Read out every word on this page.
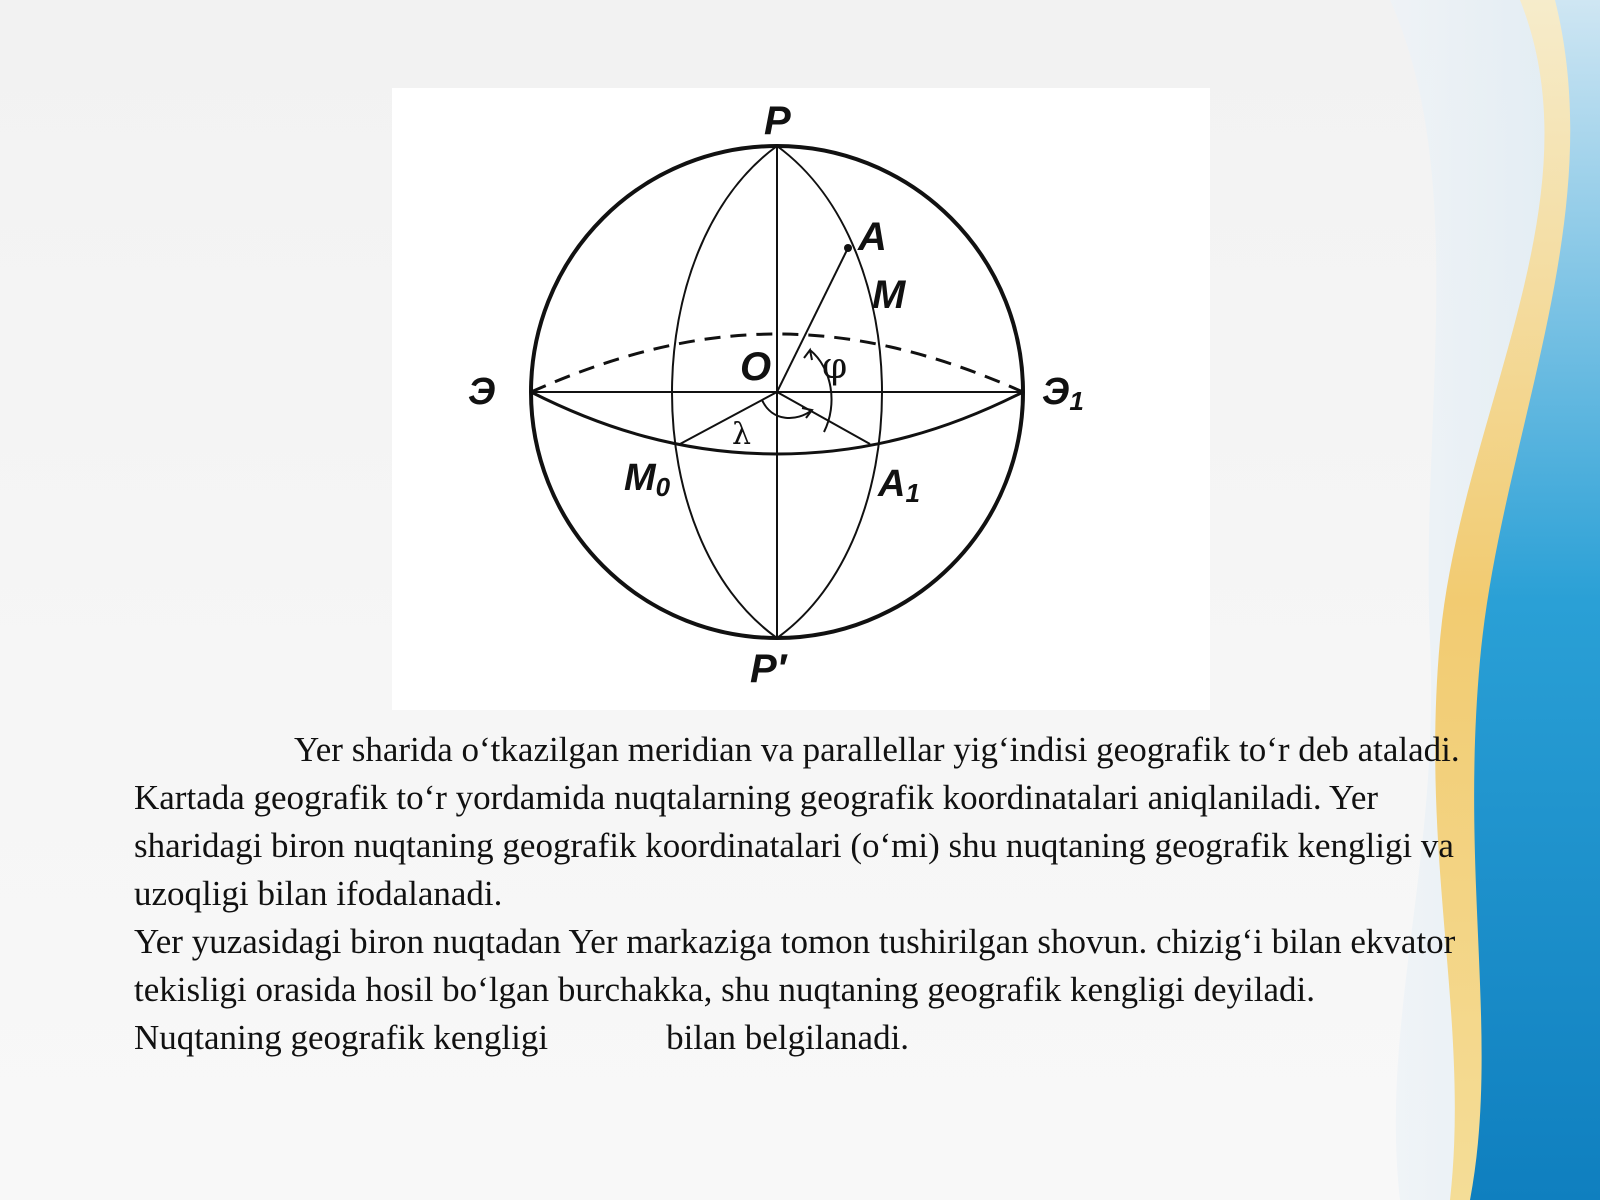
P
P′
A
M
O φ
λ
Э	Э1
M0	A1

Yer sharida o‘tkazilgan meridian va parallellar yig‘indisi geografik to‘r deb ataladi. Kartada geografik to‘r yordamida nuqtalarning geografik koordinatalari aniqlaniladi. Yer sharidagi biron nuqtaning geografik koordinatalari (o‘mi) shu nuqtaning geografik kengligi va uzoqligi bilan ifodalanadi.

Yer yuzasidagi biron nuqtadan Yer markaziga tomon tushirilgan shovun. chizig‘i bilan ekvator tekisligi orasida hosil bo‘lgan burchakka, shu nuqtaning geografik kengligi deyiladi. Nuqtaning geografik kengligi	bilan belgilanadi.
